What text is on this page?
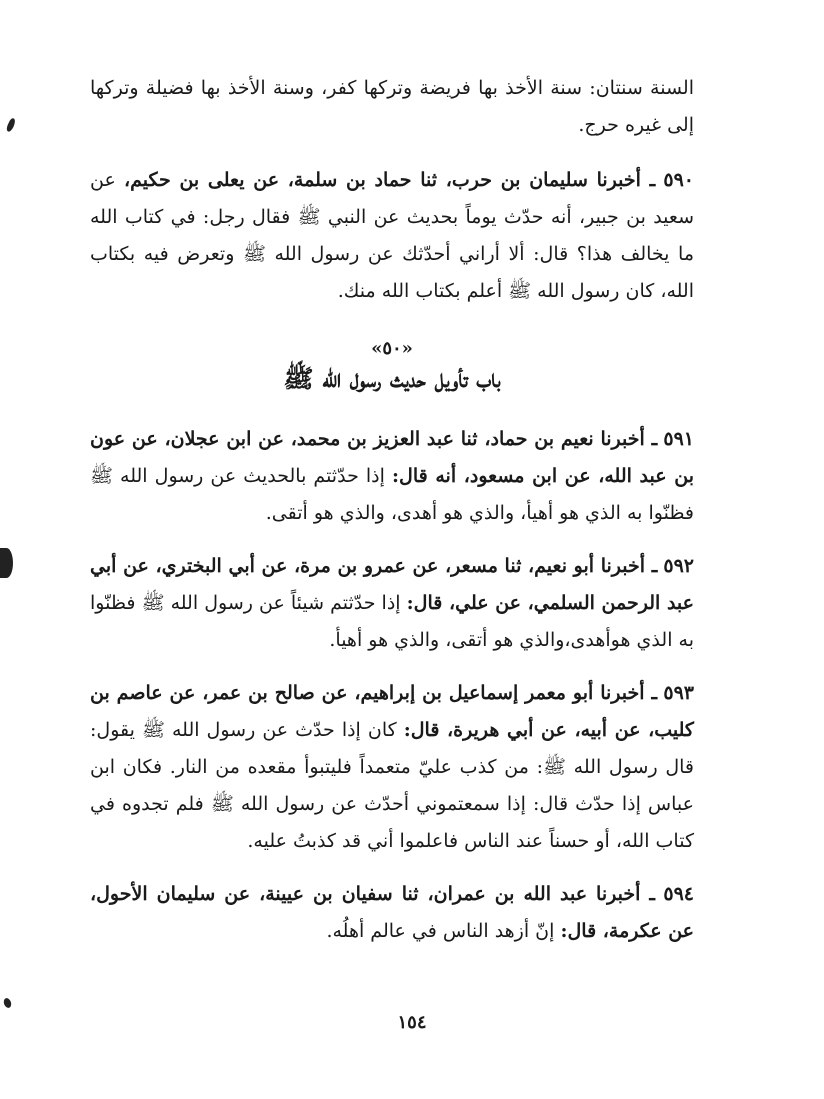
السنة سنتان: سنة الأخذ بها فريضة وتركها كفر، وسنة الأخذ بها فضيلة وتركها إلى غيره حرج.

٥٩٠ ـ أخبرنا سليمان بن حرب، ثنا حماد بن سلمة، عن يعلى بن حكيم، عن سعيد بن جبير، أنه حدّث يوماً بحديث عن النبي ﷺ فقال رجل: في كتاب الله ما يخالف هذا؟ قال: ألا أراني أحدّثك عن رسول الله ﷺ وتعرض فيه بكتاب الله، كان رسول الله ﷺ أعلم بكتاب الله منك.

«٥٠»
باب تأويل حديث رسول الله ﷺ

٥٩١ ـ أخبرنا نعيم بن حماد، ثنا عبد العزيز بن محمد، عن ابن عجلان، عن عون بن عبد الله، عن ابن مسعود، أنه قال: إذا حدّثتم بالحديث عن رسول الله ﷺ فظنّوا به الذي هو أهيأ، والذي هو أهدى، والذي هو أتقى.

٥٩٢ ـ أخبرنا أبو نعيم، ثنا مسعر، عن عمرو بن مرة، عن أبي البختري، عن أبي عبد الرحمن السلمي، عن علي، قال: إذا حدّثتم شيئاً عن رسول الله ﷺ فظنّوا به الذي هوأهدى،والذي هو أتقى، والذي هو أهيأ.

٥٩٣ ـ أخبرنا أبو معمر إسماعيل بن إبراهيم، عن صالح بن عمر، عن عاصم بن كليب، عن أبيه، عن أبي هريرة، قال: كان إذا حدّث عن رسول الله ﷺ يقول: قال رسول الله ﷺ: من كذب عليّ متعمداً فليتبوأ مقعده من النار. فكان ابن عباس إذا حدّث قال: إذا سمعتموني أحدّث عن رسول الله ﷺ فلم تجدوه في كتاب الله، أو حسناً عند الناس فاعلموا أني قد كذبتُ عليه.

٥٩٤ ـ أخبرنا عبد الله بن عمران، ثنا سفيان بن عيينة، عن سليمان الأحول، عن عكرمة، قال: إنّ أزهد الناس في عالم أهلُه.

١٥٤
